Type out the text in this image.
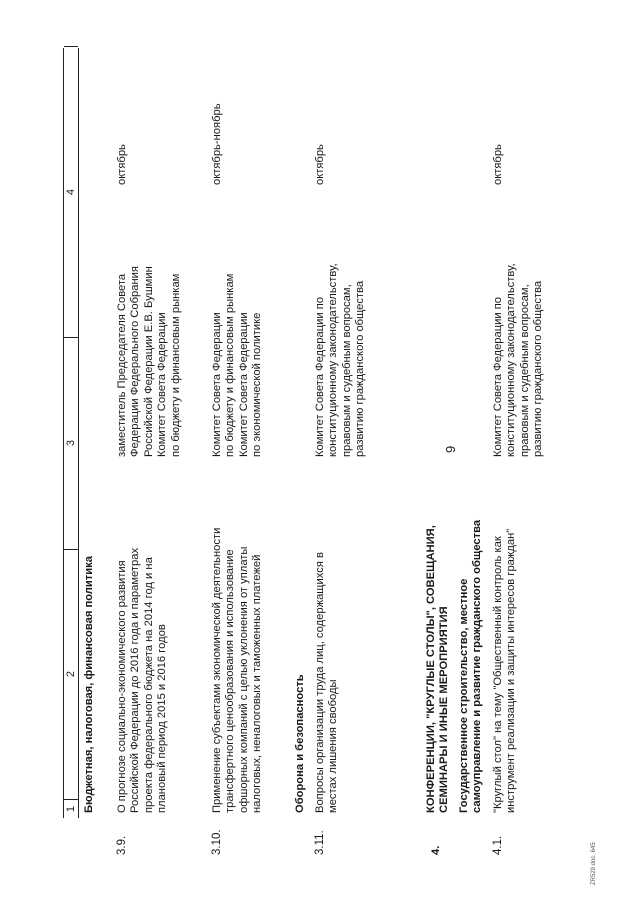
9
1
2
3
4
Бюджетная, налоговая, финансовая политика
3.9.
О прогнозе социально-экономического развития Российской Федерации до 2016 года и параметрах проекта федерального бюджета на 2014 год и на плановый период 2015 и 2016 годов
заместитель Председателя Совета Федерации Федерального Собрания Российской Федерации Е.В. Бушмин Комитет Совета Федерации по бюджету и финансовым рынкам
октябрь
3.10.
Применение субъектами экономической деятельности трансфертного ценообразования и использование офшорных компаний с целью уклонения от уплаты налоговых, неналоговых и таможенных платежей
Комитет Совета Федерации по бюджету и финансовым рынкам Комитет Совета Федерации по экономической политике
октябрь-ноябрь
Оборона и безопасность
3.11.
Вопросы организации труда лиц, содержащихся в местах лишения свободы
Комитет Совета Федерации по конституционному законодательству, правовым и судебным вопросам, развитию гражданского общества
октябрь
4.
КОНФЕРЕНЦИИ, "КРУГЛЫЕ СТОЛЫ", СОВЕЩАНИЯ, СЕМИНАРЫ И ИНЫЕ МЕРОПРИЯТИЯ Государственное строительство, местное самоуправление и развитие гражданского общества
4.1.
"Круглый стол" на тему "Общественный контроль как инструмент реализации и защиты интересов граждан"
Комитет Совета Федерации по конституционному законодательству, правовым и судебным вопросам, развитию гражданского общества
октябрь
ZR529 doc. 645
